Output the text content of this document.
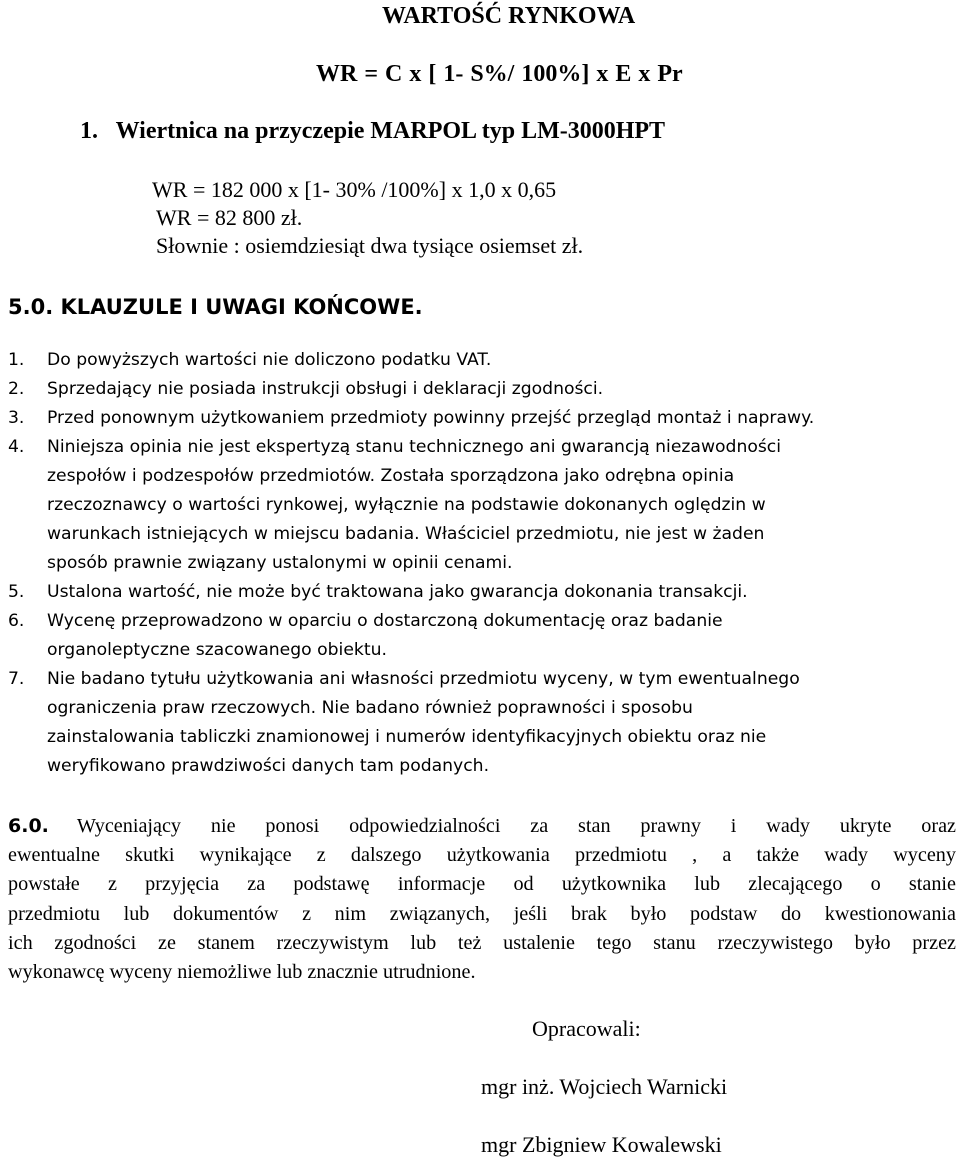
WARTOŚĆ RYNKOWA
WR = C x [ 1- S%/ 100%] x E x Pr
1. Wiertnica na przyczepie MARPOL typ LM-3000HPT
WR = 182 000 x [1- 30% /100%] x 1,0 x 0,65
WR = 82 800 zł.
Słownie : osiemdziesiąt dwa tysiące osiemset zł.
5.0. KLAUZULE I UWAGI KOŃCOWE.
1.	Do powyższych wartości nie doliczono podatku VAT.
2.	Sprzedający nie posiada instrukcji obsługi i deklaracji zgodności.
3.	Przed ponownym użytkowaniem przedmioty powinny przejść przegląd montaż i naprawy.
4.	Niniejsza opinia nie jest ekspertyzą stanu technicznego ani gwarancją niezawodności
zespołów i podzespołów przedmiotów. Została sporządzona jako odrębna opinia
rzeczoznawcy o wartości rynkowej, wyłącznie na podstawie dokonanych oględzin w
warunkach istniejących w miejscu badania. Właściciel przedmiotu, nie jest w żaden
sposób prawnie związany ustalonymi w opinii cenami.
5.	Ustalona wartość, nie może być traktowana jako gwarancja dokonania transakcji.
6.	Wycenę przeprowadzono w oparciu o dostarczoną dokumentację oraz badanie
organoleptyczne szacowanego obiektu.
7.	Nie badano tytułu użytkowania ani własności przedmiotu wyceny, w tym ewentualnego
ograniczenia praw rzeczowych. Nie badano również poprawności i sposobu
zainstalowania tabliczki znamionowej i numerów identyfikacyjnych obiektu oraz nie
weryfikowano prawdziwości danych tam podanych.
6.0. Wyceniający nie ponosi odpowiedzialności za stan prawny i wady ukryte oraz
ewentualne skutki wynikające z dalszego użytkowania przedmiotu , a także wady wyceny
powstałe z przyjęcia za podstawę informacje od użytkownika lub zlecającego o stanie
przedmiotu lub dokumentów z nim związanych, jeśli brak było podstaw do kwestionowania
ich zgodności ze stanem rzeczywistym lub też ustalenie tego stanu rzeczywistego było przez
wykonawcę wyceny niemożliwe lub znacznie utrudnione.
Opracowali:
mgr inż. Wojciech Warnicki
mgr Zbigniew Kowalewski
